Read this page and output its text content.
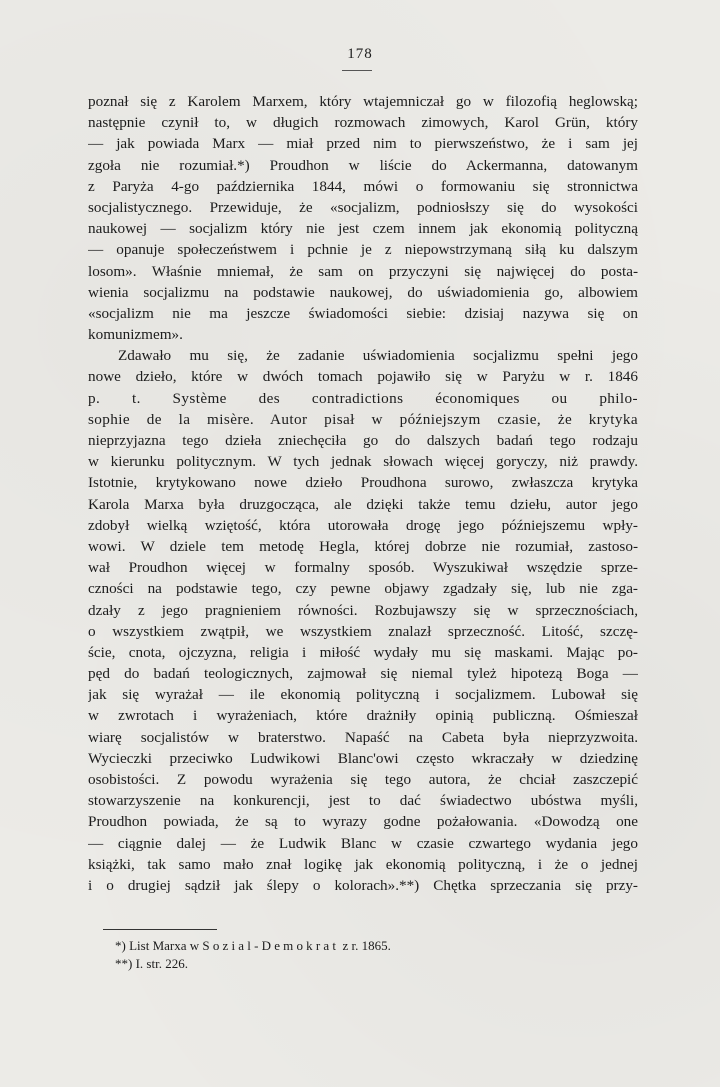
178
poznał się z Karolem Marxem, który wtajemniczał go w filozofią heglowską;
następnie czynił to, w długich rozmowach zimowych, Karol Grün, który
— jak powiada Marx — miał przed nim to pierwszeństwo, że i sam jej
zgoła nie rozumiał.*) Proudhon w liście do Ackermanna, datowanym
z Paryża 4-go października 1844, mówi o formowaniu się stronnictwa
socjalistycznego. Przewiduje, że «socjalizm, podniosłszy się do wysokości
naukowej — socjalizm który nie jest czem innem jak ekonomią polityczną
— opanuje społeczeństwem i pchnie je z niepowstrzymaną siłą ku dalszym
losom». Właśnie mniemał, że sam on przyczyni się najwięcej do posta-
wienia socjalizmu na podstawie naukowej, do uświadomienia go, albowiem
«socjalizm nie ma jeszcze świadomości siebie: dzisiaj nazywa się on
komunizmem».
Zdawało mu się, że zadanie uświadomienia socjalizmu spełni jego
nowe dzieło, które w dwóch tomach pojawiło się w Paryżu w r. 1846
p. t. Système des contradictions économiques ou philo-
sophie de la misère. Autor pisał w późniejszym czasie, że krytyka
nieprzyjazna tego dzieła zniechęciła go do dalszych badań tego rodzaju
w kierunku politycznym. W tych jednak słowach więcej goryczy, niż prawdy.
Istotnie, krytykowano nowe dzieło Proudhona surowo, zwłaszcza krytyka
Karola Marxa była druzgocząca, ale dzięki także temu dziełu, autor jego
zdobył wielką wziętość, która utorowała drogę jego późniejszemu wpły-
wowi. W dziele tem metodę Hegla, której dobrze nie rozumiał, zastoso-
wał Proudhon więcej w formalny sposób. Wyszukiwał wszędzie sprze-
czności na podstawie tego, czy pewne objawy zgadzały się, lub nie zga-
dzały z jego pragnieniem równości. Rozbujawszy się w sprzecznościach,
o wszystkiem zwątpił, we wszystkiem znalazł sprzeczność. Litość, szczę-
ście, cnota, ojczyzna, religia i miłość wydały mu się maskami. Mając po-
pęd do badań teologicznych, zajmował się niemal tyleż hipotezą Boga —
jak się wyrażał — ile ekonomią polityczną i socjalizmem. Lubował się
w zwrotach i wyrażeniach, które drażniły opinią publiczną. Ośmieszał
wiarę socjalistów w braterstwo. Napaść na Cabeta była nieprzyzwoita.
Wycieczki przeciwko Ludwikowi Blanc'owi często wkraczały w dziedzinę
osobistości. Z powodu wyrażenia się tego autora, że chciał zaszczepić
stowarzyszenie na konkurencji, jest to dać świadectwo ubóstwa myśli,
Proudhon powiada, że są to wyrazy godne pożałowania. «Dowodzą one
— ciągnie dalej — że Ludwik Blanc w czasie czwartego wydania jego
książki, tak samo mało znał logikę jak ekonomią polityczną, i że o jednej
i o drugiej sądził jak ślepy o kolorach».**) Chętka sprzeczania się przy-
*) List Marxa w Sozial-Demokrat z r. 1865.
**) I. str. 226.
